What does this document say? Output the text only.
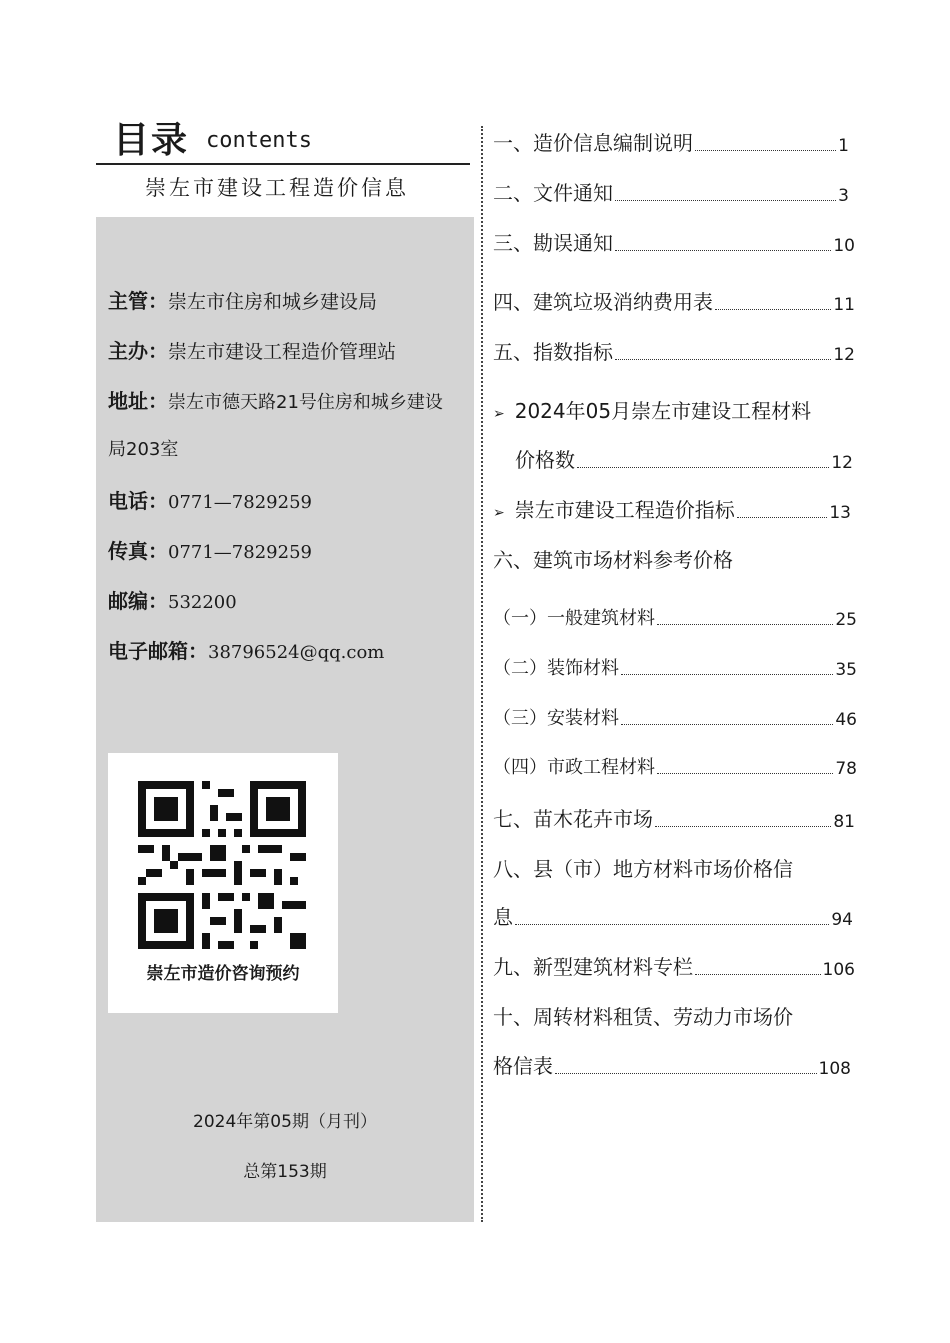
目录 contents
崇左市建设工程造价信息
主管：崇左市住房和城乡建设局
主办：崇左市建设工程造价管理站
地址：崇左市德天路21号住房和城乡建设
局203室
电话：0771—7829259
传真：0771—7829259
邮编：532200
电子邮箱：38796524@qq.com
崇左市造价咨询预约
2024年第05期（月刊）
总第153期
一、造价信息编制说明	1
二、文件通知	3
三、勘误通知	10
四、建筑垃圾消纳费用表	11
五、指数指标	12
➢ 2024年05月崇左市建设工程材料
价格数	12
➢ 崇左市建设工程造价指标	13
六、建筑市场材料参考价格
（一）一般建筑材料	25
（二）装饰材料	35
（三）安装材料	46
（四）市政工程材料	78
七、苗木花卉市场	81
八、县（市）地方材料市场价格信
息	94
九、新型建筑材料专栏	106
十、周转材料租赁、劳动力市场价
格信表	108
